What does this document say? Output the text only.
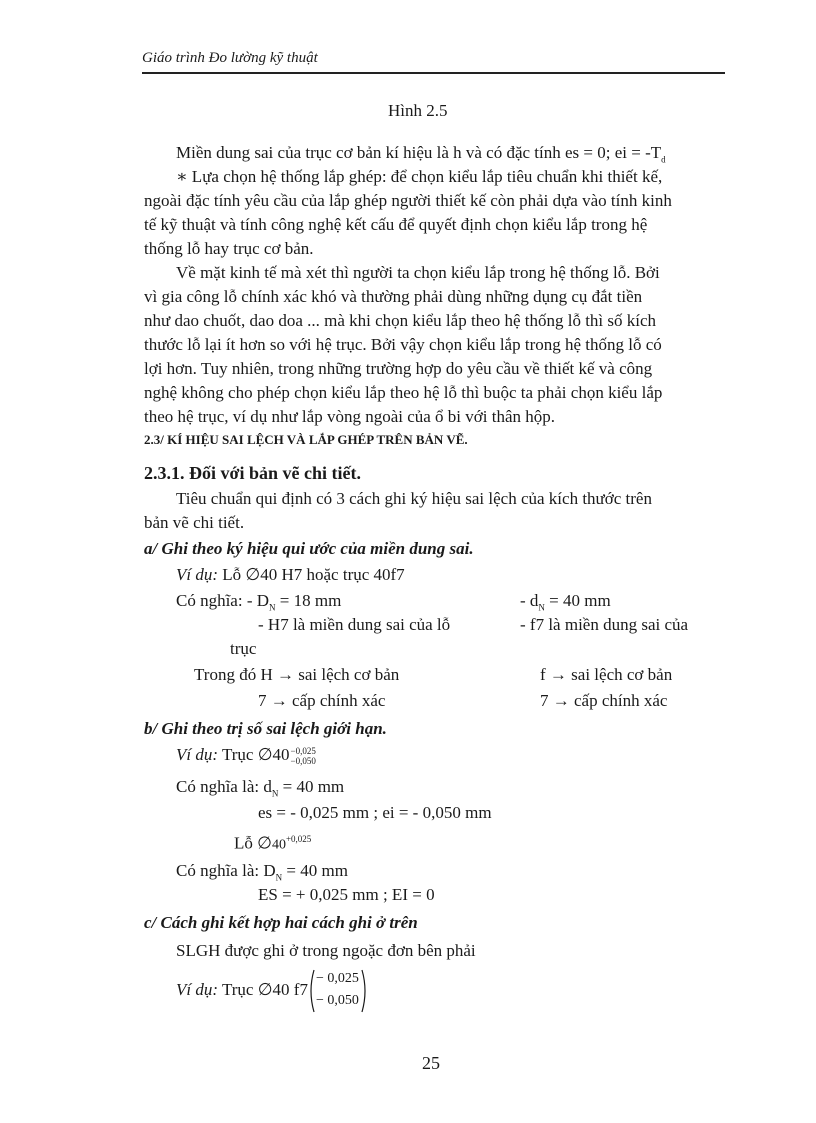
Giáo trình Đo lường kỹ thuật
Hình 2.5
Miền dung sai của trục cơ bản kí hiệu là h và có đặc tính es = 0; ei = $-T_d$
∗ Lựa chọn hệ thống lắp ghép: để chọn kiểu lắp tiêu chuẩn khi thiết kế,
ngoài đặc tính yêu cầu của lắp ghép người thiết kế còn phải dựa vào tính kinh
tế kỹ thuật và tính công nghệ kết cấu để quyết định chọn kiểu lắp trong hệ
thống lỗ hay trục cơ bản.
Về mặt kinh tế mà xét thì người ta chọn kiểu lắp trong hệ thống lỗ. Bởi
vì gia công lỗ chính xác khó và thường phải dùng những dụng cụ đắt tiền
như dao chuốt, dao doa ... mà khi chọn kiểu lắp theo hệ thống lỗ thì số kích
thước lỗ lại ít hơn so với hệ trục. Bởi vậy chọn kiểu lắp trong hệ thống lỗ có
lợi hơn. Tuy nhiên, trong những trường hợp do yêu cầu về thiết kế và công
nghệ không cho phép chọn kiểu lắp theo hệ lỗ thì buộc ta phải chọn kiểu lắp
theo hệ trục, ví dụ như lắp vòng ngoài của ổ bi với thân hộp.
2.3/ KÍ HIỆU SAI LỆCH VÀ LẮP GHÉP TRÊN BẢN VẼ.
2.3.1. Đối với bản vẽ chi tiết.
Tiêu chuẩn qui định có 3 cách ghi ký hiệu sai lệch của kích thước trên
bản vẽ chi tiết.
a/ Ghi theo ký hiệu qui ước của miền dung sai.
Ví dụ: Lỗ ∅40 H7 hoặc trục 40f7
Có nghĩa: - $D_N = 18$ mm	- $d_N = 40$ mm
- H7 là miền dung sai của lỗ	- f7 là miền dung sai của
trục
Trong đó H → sai lệch cơ bản	f → sai lệch cơ bản
7 → cấp chính xác	7 → cấp chính xác
b/ Ghi theo trị số sai lệch giới hạn.
Ví dụ: Trục ∅40 −0,025
−0,050
Có nghĩa là: $d_N = 40$ mm
es = - 0,025 mm ; ei = - 0,050 mm
Lỗ $\emptyset 40^{+0,025}$
Có nghĩa là: $D_N = 40$ mm
ES = + 0,025 mm ; EI = 0
c/ Cách ghi kết hợp hai cách ghi ở trên
SLGH được ghi ở trong ngoặc đơn bên phải
Ví dụ: Trục ∅40 f7
− 0,025
− 0,050
25
